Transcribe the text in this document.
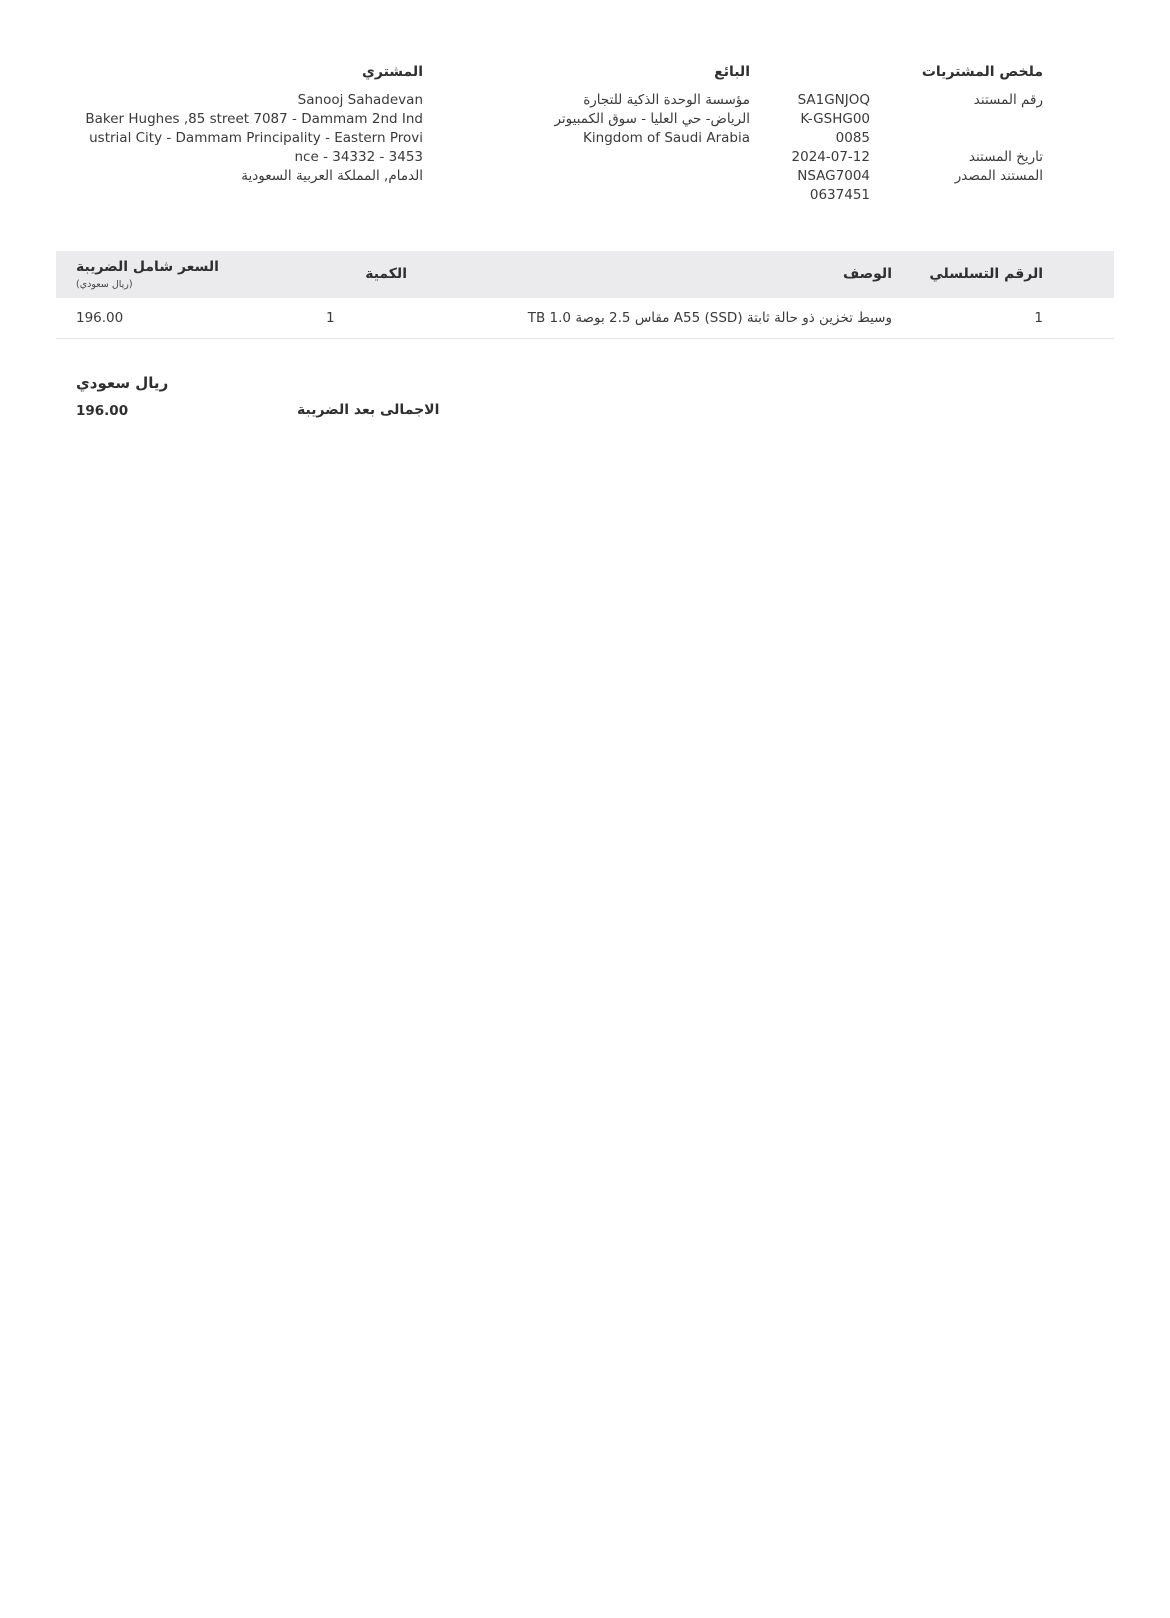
ملخص المشتريات
رقم المستند
SA1GNJOQ
K-GSHG00
0085
تاريخ المستند
2024-07-12
المستند المصدر
NSAG7004
0637451
البائع
مؤسسة الوحدة الذكية للتجارة
الرياض- حي العليا - سوق الكمبيوتر
Kingdom of Saudi Arabia
المشتري
Sanooj Sahadevan
Baker Hughes ,85 street 7087 - Dammam 2nd Ind
ustrial City - Dammam Principality - Eastern Provi
nce - 34332 - 3453
الدمام, المملكة العربية السعودية
الرقم التسلسلي
الوصف
الكمية
السعر شامل الضريبة
(ريال سعودي)
1
وسيط تخزين ذو حالة ثابتة (SSD) A55 مقاس 2.5 بوصة 1.0 TB
1
196.00
ريال سعودي
الاجمالى بعد الضريبة
196.00
